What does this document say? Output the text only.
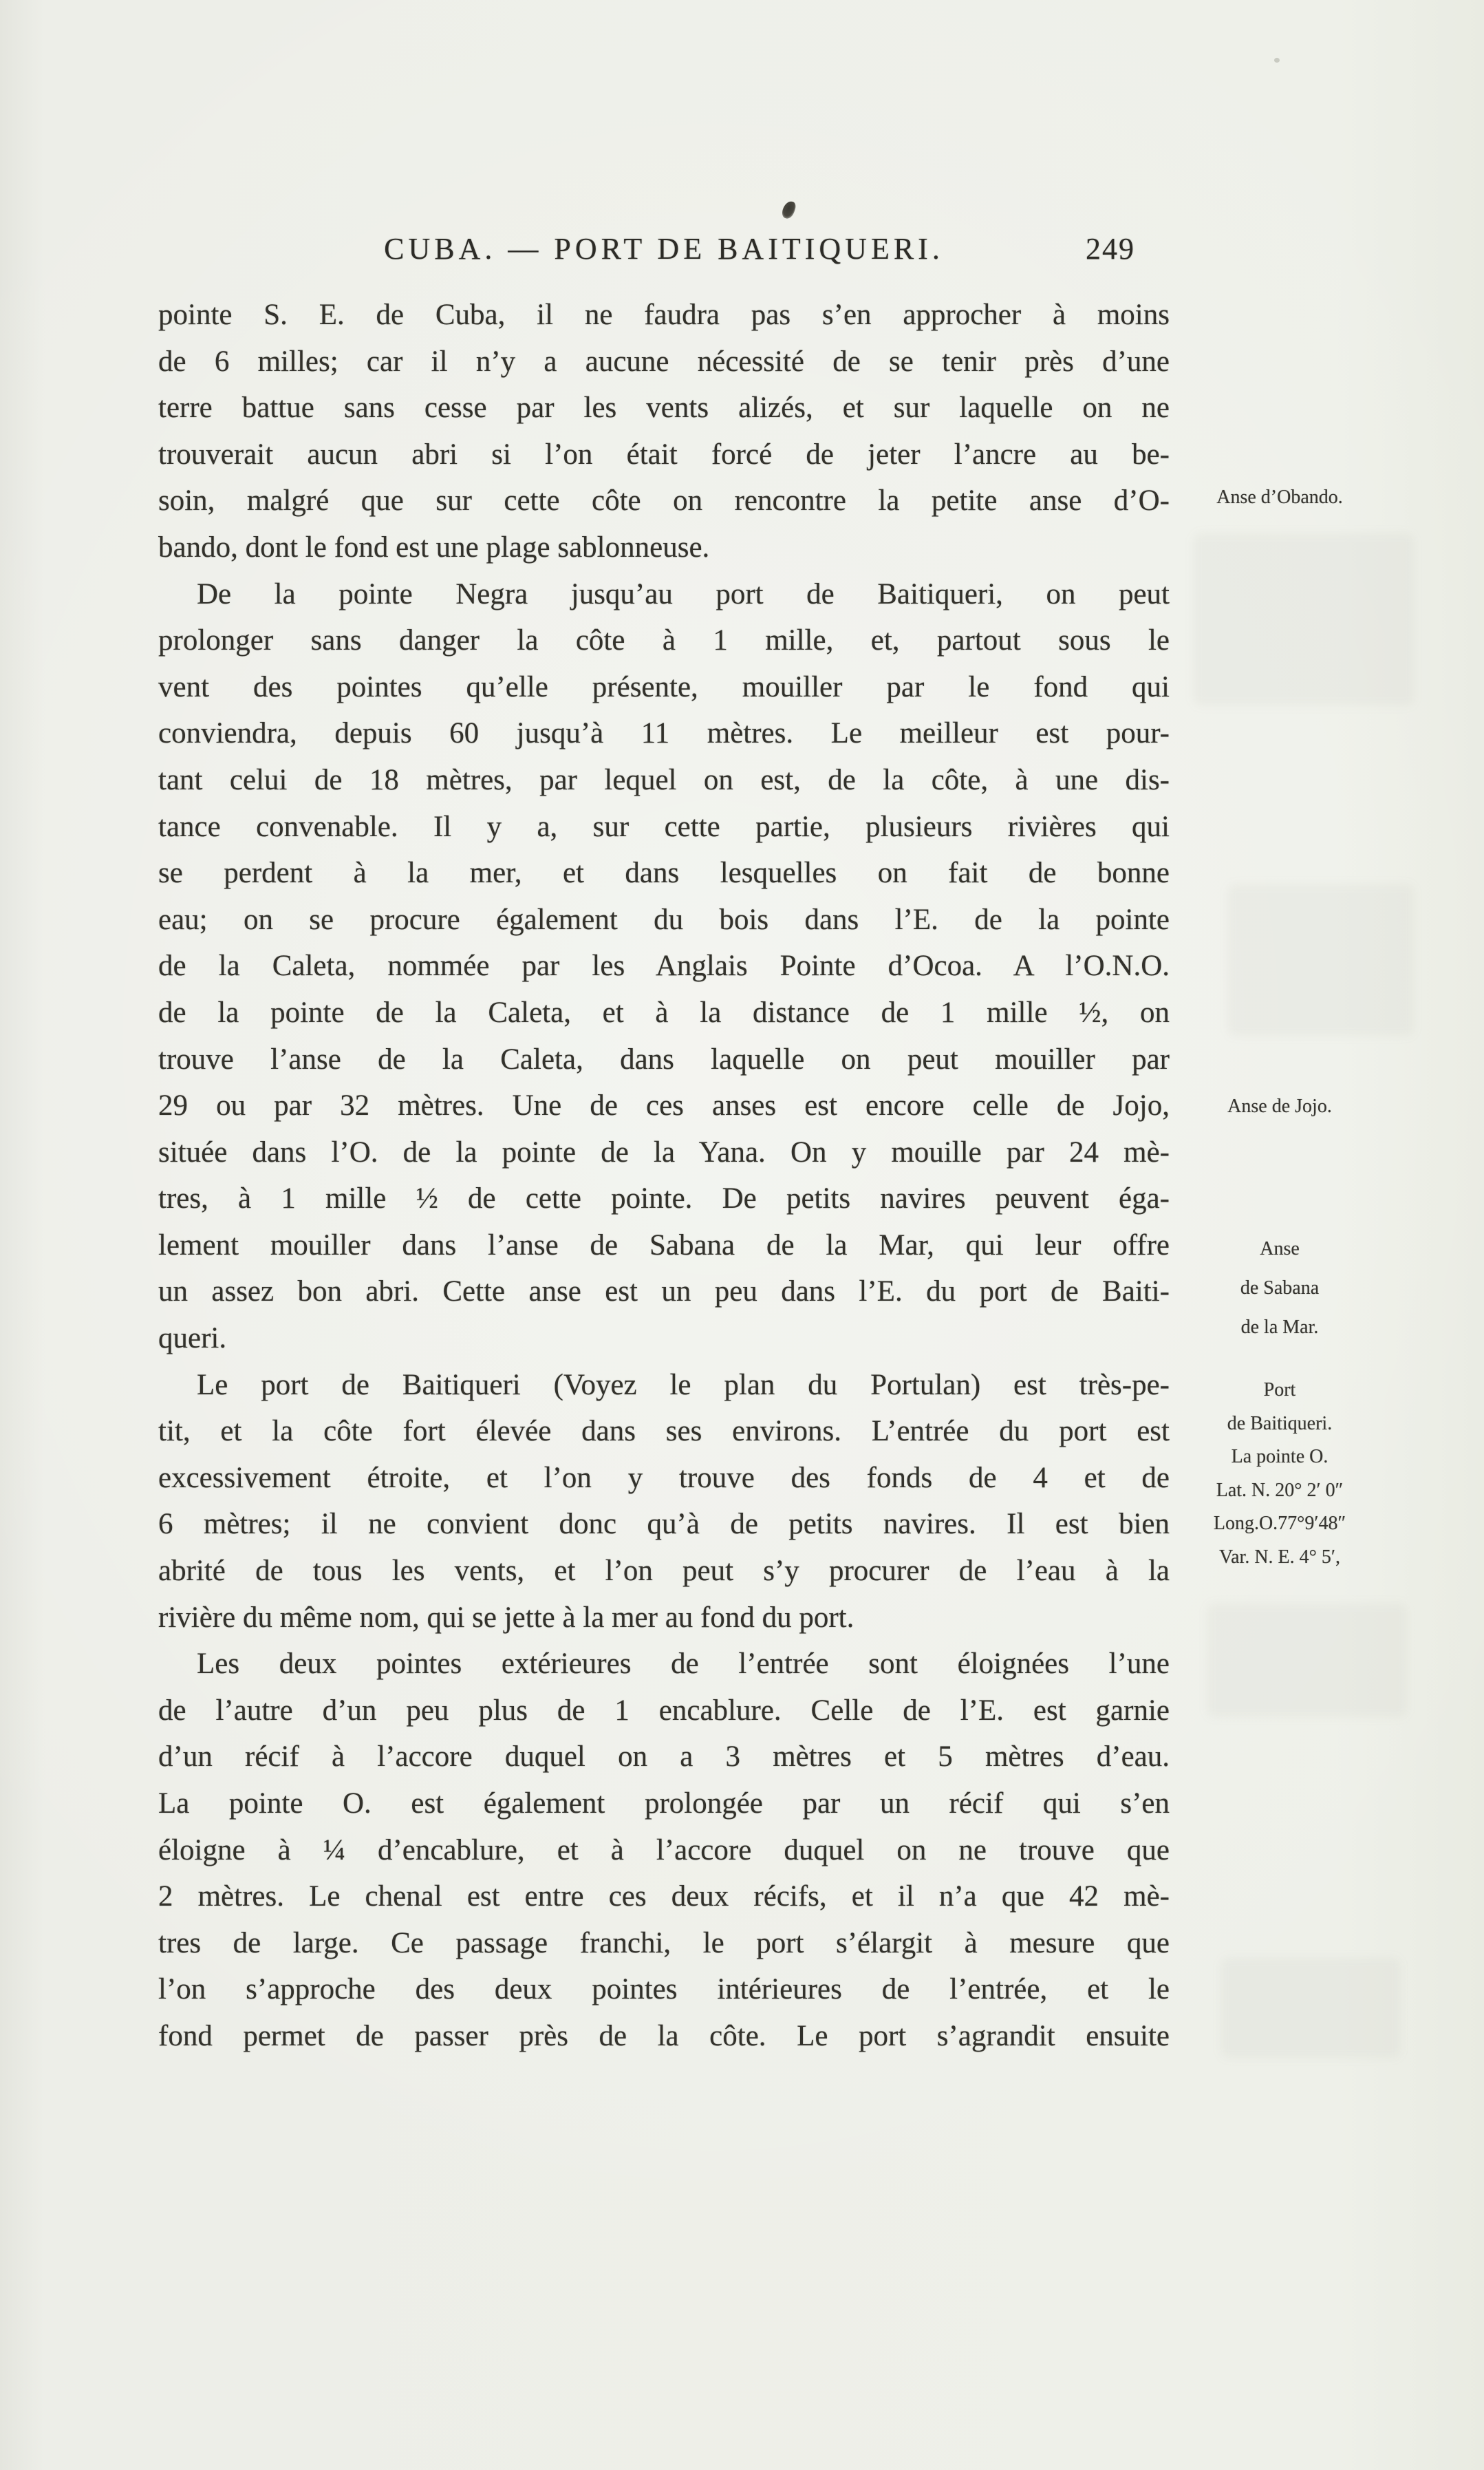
CUBA. — PORT DE BAITIQUERI.	249
pointe S. E. de Cuba, il ne faudra pas s’en approcher à moins
de 6 milles; car il n’y a aucune nécessité de se tenir près d’une
terre battue sans cesse par les vents alizés, et sur laquelle on ne
trouverait aucun abri si l’on était forcé de jeter l’ancre au be-
soin, malgré que sur cette côte on rencontre la petite anse d’O-
bando, dont le fond est une plage sablonneuse.
De la pointe Negra jusqu’au port de Baitiqueri, on peut
prolonger sans danger la côte à 1 mille, et, partout sous le
vent des pointes qu’elle présente, mouiller par le fond qui
conviendra, depuis 60 jusqu’à 11 mètres. Le meilleur est pour-
tant celui de 18 mètres, par lequel on est, de la côte, à une dis-
tance convenable. Il y a, sur cette partie, plusieurs rivières qui
se perdent à la mer, et dans lesquelles on fait de bonne
eau; on se procure également du bois dans l’E. de la pointe
de la Caleta, nommée par les Anglais Pointe d’Ocoa. A l’O.N.O.
de la pointe de la Caleta, et à la distance de 1 mille ½, on
trouve l’anse de la Caleta, dans laquelle on peut mouiller par
29 ou par 32 mètres. Une de ces anses est encore celle de Jojo,
située dans l’O. de la pointe de la Yana. On y mouille par 24 mè-
tres, à 1 mille ½ de cette pointe. De petits navires peuvent éga-
lement mouiller dans l’anse de Sabana de la Mar, qui leur offre
un assez bon abri. Cette anse est un peu dans l’E. du port de Baiti-
queri.
Le port de Baitiqueri (Voyez le plan du Portulan) est très-pe-
tit, et la côte fort élevée dans ses environs. L’entrée du port est
excessivement étroite, et l’on y trouve des fonds de 4 et de
6 mètres; il ne convient donc qu’à de petits navires. Il est bien
abrité de tous les vents, et l’on peut s’y procurer de l’eau à la
rivière du même nom, qui se jette à la mer au fond du port.
Les deux pointes extérieures de l’entrée sont éloignées l’une
de l’autre d’un peu plus de 1 encablure. Celle de l’E. est garnie
d’un récif à l’accore duquel on a 3 mètres et 5 mètres d’eau.
La pointe O. est également prolongée par un récif qui s’en
éloigne à ¼ d’encablure, et à l’accore duquel on ne trouve que
2 mètres. Le chenal est entre ces deux récifs, et il n’a que 42 mè-
tres de large. Ce passage franchi, le port s’élargit à mesure que
l’on s’approche des deux pointes intérieures de l’entrée, et le
fond permet de passer près de la côte. Le port s’agrandit ensuite
Anse d’Obando.
Anse de Jojo.
Anse
de Sabana
de la Mar.
Port
de Baitiqueri.
La pointe O.
Lat. N. 20° 2′ 0″
Long.O.77°9′48″
Var. N. E. 4° 5′,
